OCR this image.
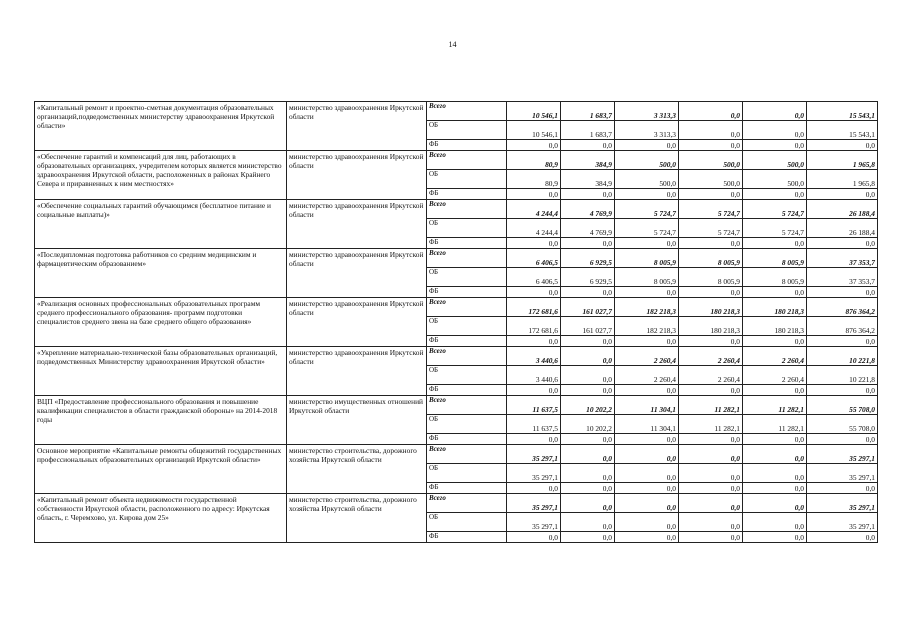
14
«Капитальный ремонт и проектно-сметная документация образовательных организаций,подведомственных министерству здравоохранения Иркутской области»	министерство здравоохранения Иркутской области	Всего	10 546,1	1 683,7	3 313,3	0,0	0,0	15 543,1
		ОБ	10 546,1	1 683,7	3 313,3	0,0	0,0	15 543,1
		ФБ	0,0	0,0	0,0	0,0	0,0	0,0
«Обеспечение гарантий и компенсаций для лиц, работающих в образовательных организациях, учредителем которых является министерство здравоохранения Иркутской области, расположенных в районах Крайнего Севера и приравненных к ним местностях»	министерство здравоохранения Иркутской области	Всего	80,9	384,9	500,0	500,0	500,0	1 965,8
		ОБ	80,9	384,9	500,0	500,0	500,0	1 965,8
		ФБ	0,0	0,0	0,0	0,0	0,0	0,0
«Обеспечение социальных гарантий обучающимся (бесплатное питание и социальные выплаты)»	министерство здравоохранения Иркутской области	Всего	4 244,4	4 769,9	5 724,7	5 724,7	5 724,7	26 188,4
		ОБ	4 244,4	4 769,9	5 724,7	5 724,7	5 724,7	26 188,4
		ФБ	0,0	0,0	0,0	0,0	0,0	0,0
«Последипломная подготовка работников со средним медицинским и фармацевтическим образованием»	министерство здравоохранения Иркутской области	Всего	6 406,5	6 929,5	8 005,9	8 005,9	8 005,9	37 353,7
		ОБ	6 406,5	6 929,5	8 005,9	8 005,9	8 005,9	37 353,7
		ФБ	0,0	0,0	0,0	0,0	0,0	0,0
«Реализация основных профессиональных образовательных программ среднего профессионального образования- программ подготовки специалистов среднего звена на базе среднего общего образования»	министерство здравоохранения Иркутской области	Всего	172 681,6	161 027,7	182 218,3	180 218,3	180 218,3	876 364,2
		ОБ	172 681,6	161 027,7	182 218,3	180 218,3	180 218,3	876 364,2
		ФБ	0,0	0,0	0,0	0,0	0,0	0,0
«Укрепление материально-технической базы образовательных организаций, подведомственных Министерству здравоохранения Иркутской области»	министерство здравоохранения Иркутской области	Всего	3 440,6	0,0	2 260,4	2 260,4	2 260,4	10 221,8
		ОБ	3 440,6	0,0	2 260,4	2 260,4	2 260,4	10 221,8
		ФБ	0,0	0,0	0,0	0,0	0,0	0,0
ВЦП «Предоставление профессионального образования и повышение квалификации специалистов в области гражданской обороны» на 2014-2018 годы	министерство имущественных отношений Иркутской области	Всего	11 637,5	10 202,2	11 304,1	11 282,1	11 282,1	55 708,0
		ОБ	11 637,5	10 202,2	11 304,1	11 282,1	11 282,1	55 708,0
		ФБ	0,0	0,0	0,0	0,0	0,0	0,0
Основное мероприятие «Капитальные ремонты общежитий государственных профессиональных образовательных организаций Иркутской области»	министерство строительства, дорожного хозяйства Иркутской области	Всего	35 297,1	0,0	0,0	0,0	0,0	35 297,1
		ОБ	35 297,1	0,0	0,0	0,0	0,0	35 297,1
		ФБ	0,0	0,0	0,0	0,0	0,0	0,0
«Капитальный ремонт объекта недвижимости государственной собственности Иркутской области, расположенного по адресу: Иркутская область, г. Черемхово, ул. Кирова дом 25»	министерство строительства, дорожного хозяйства Иркутской области	Всего	35 297,1	0,0	0,0	0,0	0,0	35 297,1
		ОБ	35 297,1	0,0	0,0	0,0	0,0	35 297,1
		ФБ	0,0	0,0	0,0	0,0	0,0	0,0
